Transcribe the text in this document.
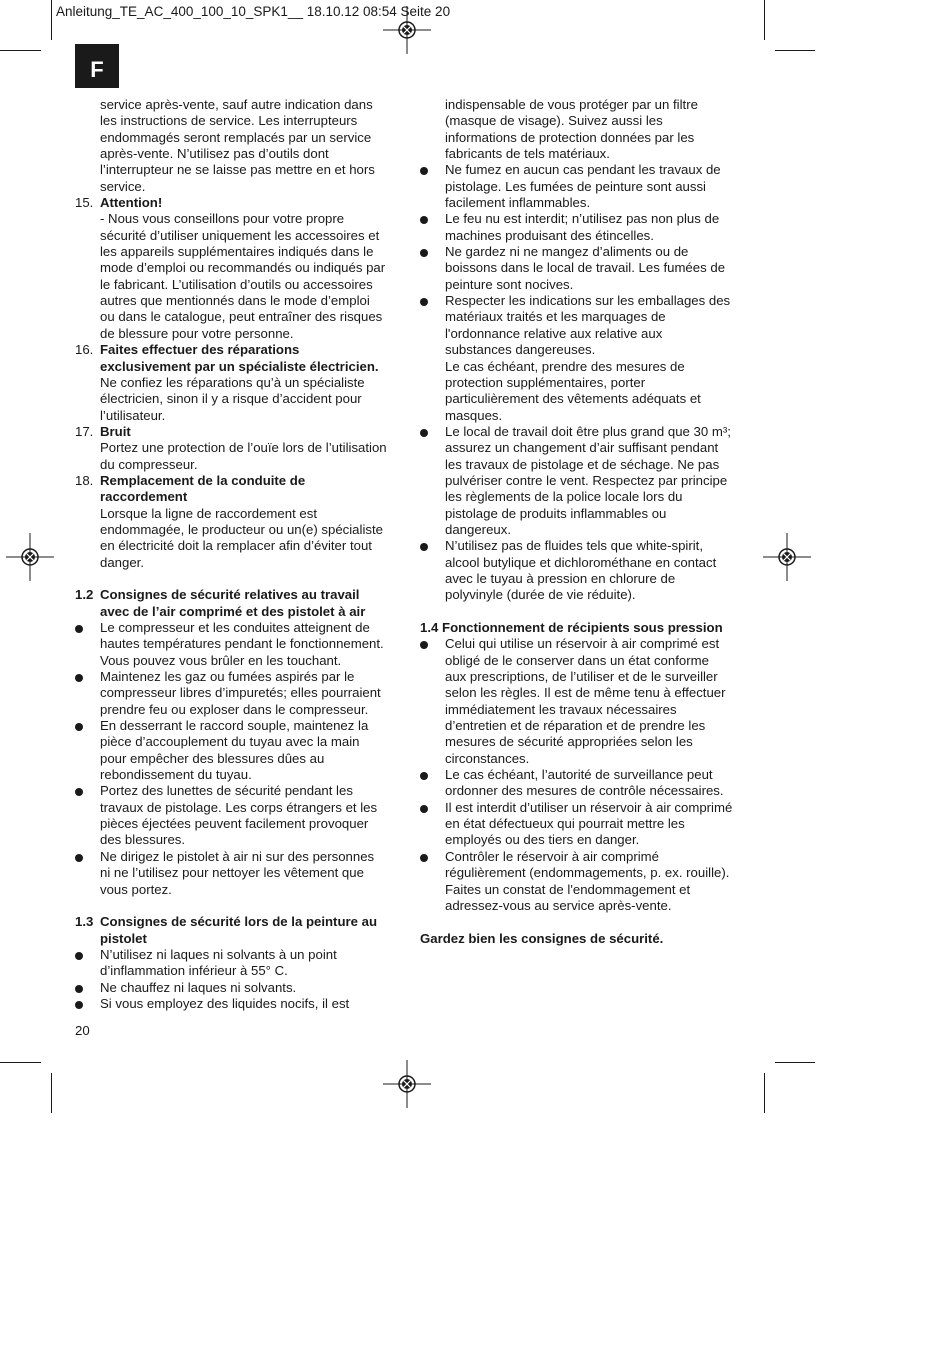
Anleitung_TE_AC_400_100_10_SPK1__ 18.10.12 08:54 Seite 20
F

service après-vente, sauf autre indication dans

les instructions de service. Les interrupteurs

endommagés seront remplacés par un service

après-vente. N’utilisez pas d’outils dont

l’interrupteur ne se laisse pas mettre en et hors

service.

15. Attention!

- Nous vous conseillons pour votre propre

sécurité d’utiliser uniquement les accessoires et

les appareils supplémentaires indiqués dans le

mode d’emploi ou recommandés ou indiqués par

le fabricant. L’utilisation d’outils ou accessoires

autres que mentionnés dans le mode d’emploi

ou dans le catalogue, peut entraîner des risques

de blessure pour votre personne.

16. Faites effectuer des réparations

exclusivement par un spécialiste électricien.

Ne confiez les réparations qu’à un spécialiste

électricien, sinon il y a risque d’accident pour

l’utilisateur.

17. Bruit

Portez une protection de l’ouïe lors de l’utilisation

du compresseur.

18. Remplacement de la conduite de

raccordement

Lorsque la ligne de raccordement est

endommagée, le producteur ou un(e) spécialiste

en électricité doit la remplacer afin d’éviter tout

danger.

1.2 Consignes de sécurité relatives au travail

avec de l’air comprimé et des pistolet à air

Le compresseur et les conduites atteignent de

hautes températures pendant le fonctionnement.

Vous pouvez vous brûler en les touchant.

Maintenez les gaz ou fumées aspirés par le

compresseur libres d’impuretés; elles pourraient

prendre feu ou exploser dans le compresseur.

En desserrant le raccord souple, maintenez la

pièce d’accouplement du tuyau avec la main

pour empêcher des blessures dûes au

rebondissement du tuyau.

Portez des lunettes de sécurité pendant les

travaux de pistolage. Les corps étrangers et les

pièces éjectées peuvent facilement provoquer

des blessures.

Ne dirigez le pistolet à air ni sur des personnes

ni ne l’utilisez pour nettoyer les vêtement que

vous portez.

1.3 Consignes de sécurité lors de la peinture au

pistolet

N’utilisez ni laques ni solvants à un point

d’inflammation inférieur à 55° C.

Ne chauffez ni laques ni solvants.

Si vous employez des liquides nocifs, il est

indispensable de vous protéger par un filtre

(masque de visage). Suivez aussi les

informations de protection données par les

fabricants de tels matériaux.

Ne fumez en aucun cas pendant les travaux de

pistolage. Les fumées de peinture sont aussi

facilement inflammables.

Le feu nu est interdit; n’utilisez pas non plus de

machines produisant des étincelles.

Ne gardez ni ne mangez d’aliments ou de

boissons dans le local de travail. Les fumées de

peinture sont nocives.

Respecter les indications sur les emballages des

matériaux traités et les marquages de

l'ordonnance relative aux relative aux

substances dangereuses.

Le cas échéant, prendre des mesures de

protection supplémentaires, porter

particulièrement des vêtements adéquats et

masques.

Le local de travail doit être plus grand que 30 m³;

assurez un changement d’air suffisant pendant

les travaux de pistolage et de séchage. Ne pas

pulvériser contre le vent. Respectez par principe

les règlements de la police locale lors du

pistolage de produits inflammables ou

dangereux.

N’utilisez pas de fluides tels que white-spirit,

alcool butylique et dichlorométhane en contact

avec le tuyau à pression en chlorure de

polyvinyle (durée de vie réduite).

1.4
Fonctionnement de récipients sous pression

Celui qui utilise un réservoir à air comprimé est

obligé de le conserver dans un état conforme

aux prescriptions, de l’utiliser et de le surveiller

selon les règles. Il est de même tenu à effectuer

immédiatement les travaux nécessaires

d’entretien et de réparation et de prendre les

mesures de sécurité appropriées selon les

circonstances.

Le cas échéant, l’autorité de surveillance peut

ordonner des mesures de contrôle nécessaires.

Il est interdit d’utiliser un réservoir à air comprimé

en état défectueux qui pourrait mettre les

employés ou des tiers en danger.

Contrôler le réservoir à air comprimé

régulièrement (endommagements, p. ex. rouille).

Faites un constat de l'endommagement et

adressez-vous au service après-vente.

Gardez bien les consignes de sécurité.

20
